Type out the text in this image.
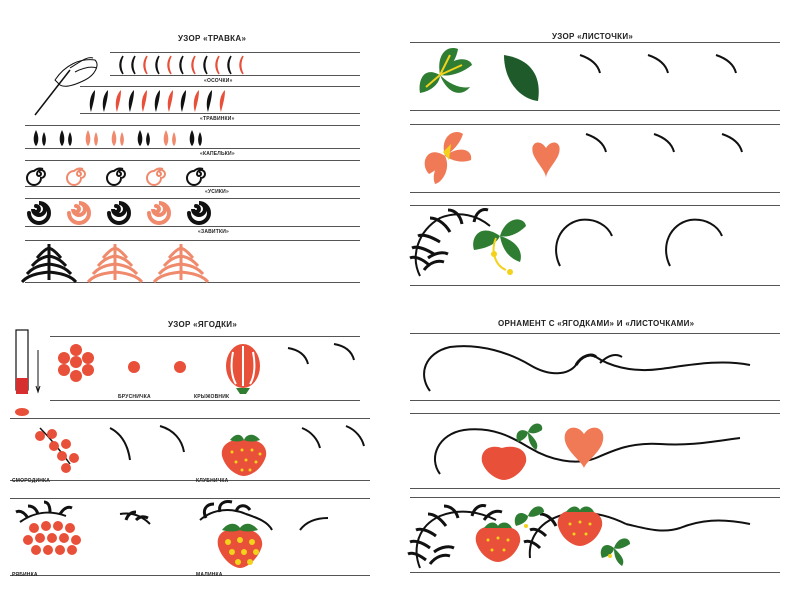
УЗОР «ТРАВКА»
«ОСОЧКИ»
«ТРАВИНКИ»
«КАПЕЛЬКИ»
«УСИКИ»
«ЗАВИТКИ»
УЗОР «ЛИСТОЧКИ»
УЗОР «ЯГОДКИ»
БРУСНИЧКА	КРЫЖОВНИК
СМОРОДИНКА	КЛУБНИЧКА
РЯБИНКА	МАЛИНКА
ОРНАМЕНТ С «ЯГОДКАМИ» И «ЛИСТОЧКАМИ»
